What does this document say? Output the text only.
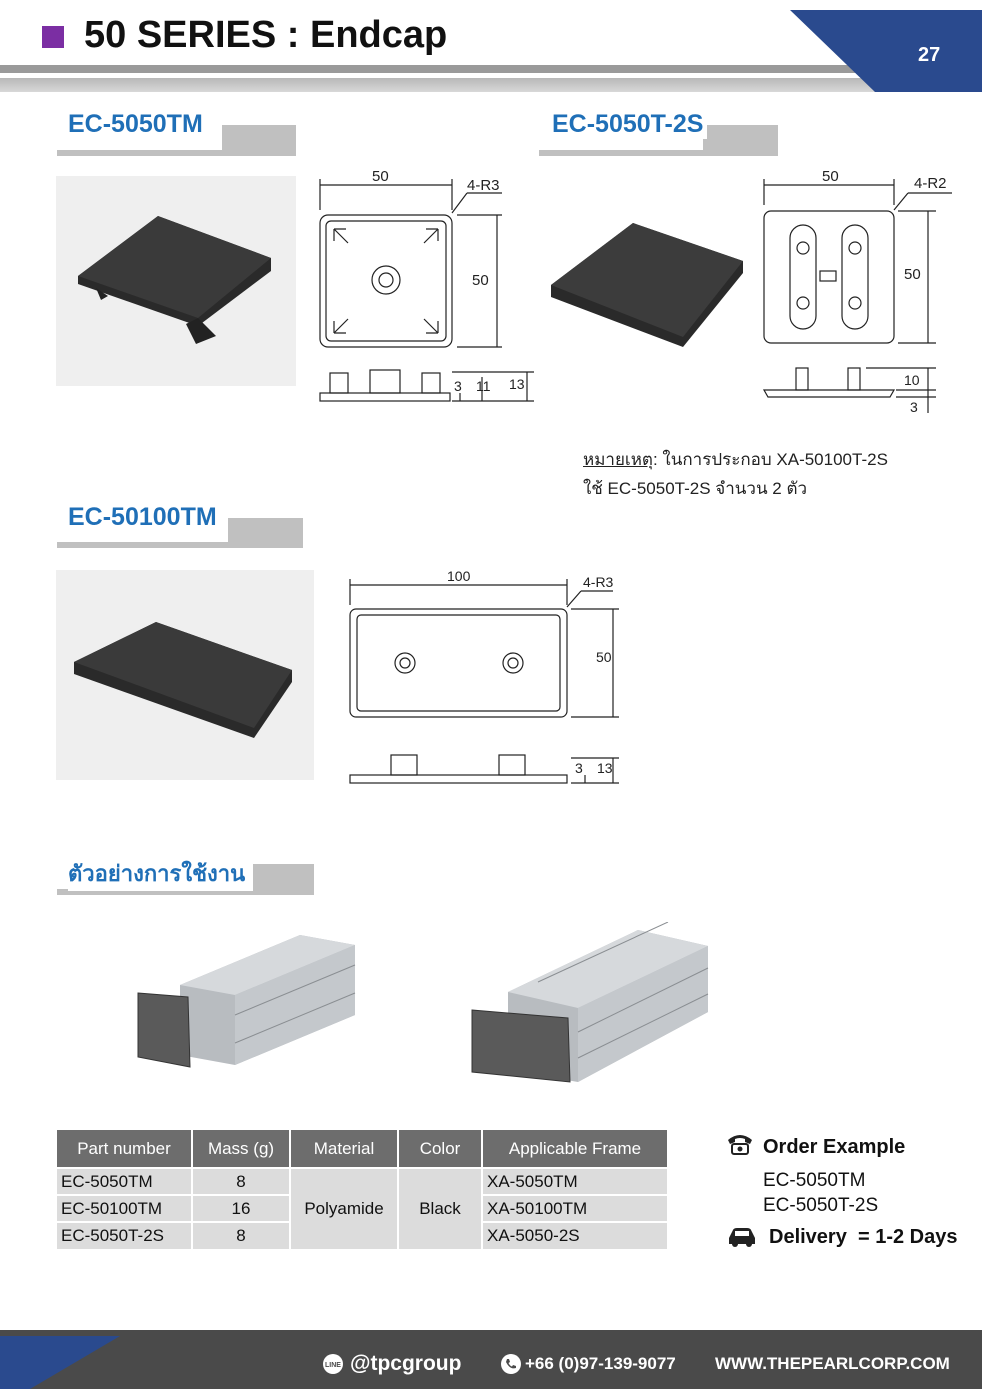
50 SERIES : Endcap	27
EC-5050TM
50
4-R3
50
3 11 13
EC-5050T-2S
50	4-R2
50
10
3
หมายเหตุ: ในการประกอบ XA-50100T-2S
ใช้ EC-5050T-2S จำนวน 2 ตัว
EC-50100TM
100	4-R3
50
3 13
ตัวอย่างการใช้งาน
Part number	Mass (g)	Material	Color	Applicable Frame
EC-5050TM	8	Polyamide	Black	XA-5050TM
EC-50100TM	16			XA-50100TM
EC-5050T-2S	8			XA-5050-2S
Order Example
EC-5050TM
EC-5050T-2S
Delivery = 1-2 Days
LINE @tpcgroup	+66 (0)97-139-9077 WWW.THEPEARLCORP.COM
